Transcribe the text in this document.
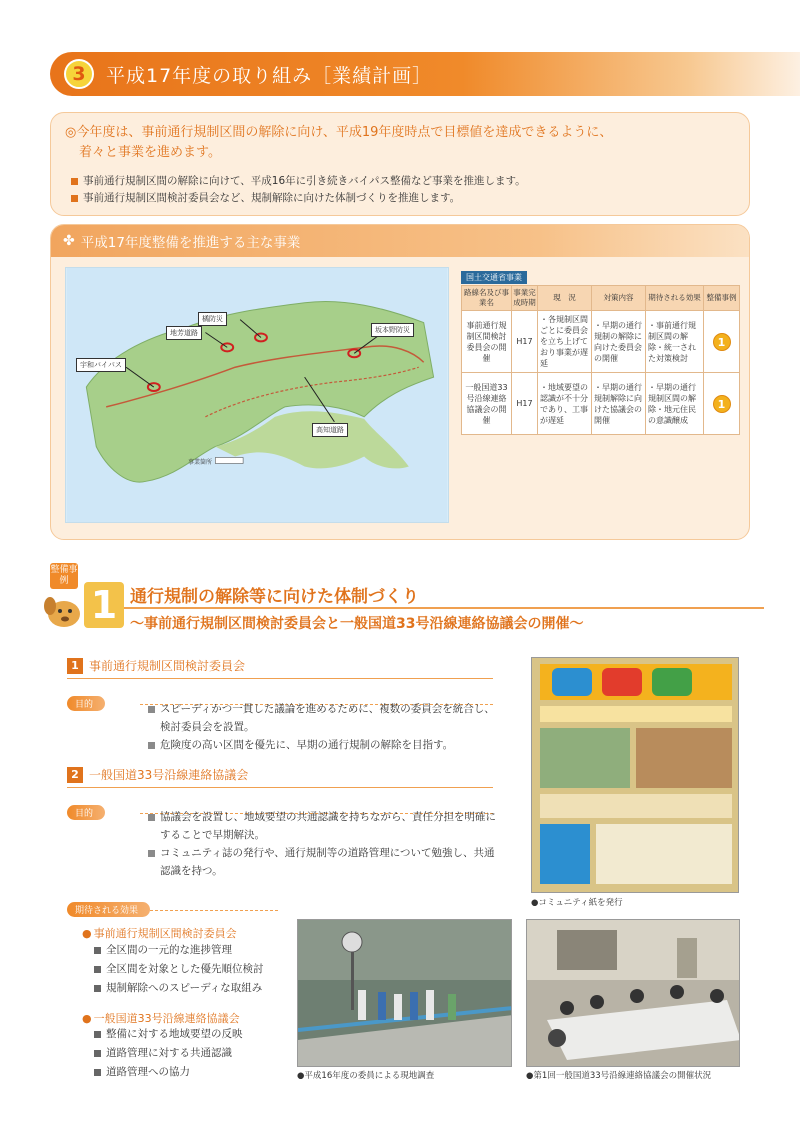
3	平成17年度の取り組み［業績計画］
◎今年度は、事前通行規制区間の解除に向け、平成19年度時点で目標値を達成できるように、
着々と事業を進めます。
事前通行規制区間の解除に向けて、平成16年に引き続きバイパス整備など事業を推進します。
事前通行規制区間検討委員会など、規制解除に向けた体制づくりを推進します。
✤ 平成17年度整備を推進する主な事業
宇和バイパス
地芳道路
橘防災
高知道路
坂本野防災
事業箇所
国土交通省事業
路線名及び事業名	事業完成時期	現　況	対策内容	期待される効果	整備事例
事前通行規制区間検討委員会の開催	H17	・各規制区間ごとに委員会を立ち上げており事業が遅延	・早期の通行規制の解除に向けた委員会の開催	・事前通行規制区間の解除・統一された対策検討	1
一般国道33号沿線連絡協議会の開催	H17	・地域要望の認識が不十分であり、工事が遅延	・早期の通行規制解除に向けた協議会の開催	・早期の通行規制区間の解除・地元住民の意識醸成	1
整備事例
1 通行規制の解除等に向けた体制づくり
〜事前通行規制区間検討委員会と一般国道33号沿線連絡協議会の開催〜
1 事前通行規制区間検討委員会
目的	スピーディかつ一貫した議論を進めるために、複数の委員会を統合し、検討委員会を設置。
危険度の高い区間を優先に、早期の通行規制の解除を目指す。
2 一般国道33号沿線連絡協議会
目的	協議会を設置し、地域要望の共通認識を持ちながら、責任分担を明確にすることで早期解決。
コミュニティ誌の発行や、通行規制等の道路管理について勉強し、共通認識を持つ。
●コミュニティ紙を発行
期待される効果
● 事前通行規制区間検討委員会
全区間の一元的な進捗管理
全区間を対象とした優先順位検討
規制解除へのスピーディな取組み
● 一般国道33号沿線連絡協議会
整備に対する地域要望の反映
道路管理に対する共通認識
道路管理への協力	●平成16年度の委員による現地調査	●第1回一般国道33号沿線連絡協議会の開催状況
